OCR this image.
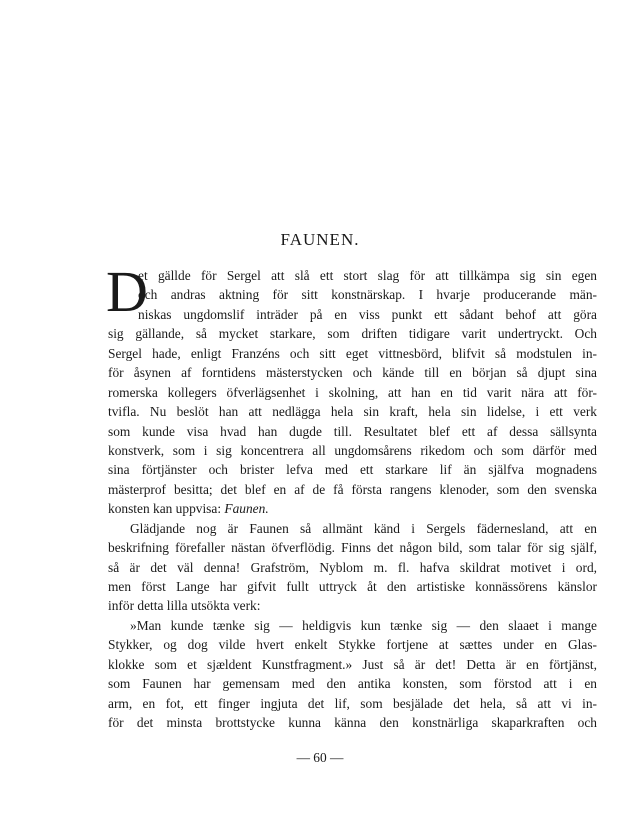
FAUNEN.
D
et gällde för Sergel att slå ett stort slag för att tillkämpa sig sin egen
och andras aktning för sitt konstnärskap. I hvarje producerande män-
niskas ungdomslif inträder på en viss punkt ett sådant behof att göra
sig gällande, så mycket starkare, som driften tidigare varit undertryckt. Och
Sergel hade, enligt Franzéns och sitt eget vittnesbörd, blifvit så modstulen in-
för åsynen af forntidens mästerstycken och kände till en början så djupt sina
romerska kollegers öfverlägsenhet i skolning, att han en tid varit nära att för-
tvifla. Nu beslöt han att nedlägga hela sin kraft, hela sin lidelse, i ett verk
som kunde visa hvad han dugde till. Resultatet blef ett af dessa sällsynta
konstverk, som i sig koncentrera all ungdomsårens rikedom och som därför med
sina förtjänster och brister lefva med ett starkare lif än själfva mognadens
mästerprof besitta; det blef en af de få första rangens klenoder, som den svenska
konsten kan uppvisa: Faunen.
Glädjande nog är Faunen så allmänt känd i Sergels fädernesland, att en
beskrifning förefaller nästan öfverflödig. Finns det någon bild, som talar för sig själf,
så är det väl denna! Grafström, Nyblom m. fl. hafva skildrat motivet i ord,
men först Lange har gifvit fullt uttryck åt den artistiske konnässörens känslor
inför detta lilla utsökta verk:
»Man kunde tænke sig — heldigvis kun tænke sig — den slaaet i mange
Stykker, og dog vilde hvert enkelt Stykke fortjene at sættes under en Glas-
klokke som et sjældent Kunstfragment.» Just så är det! Detta är en förtjänst,
som Faunen har gemensam med den antika konsten, som förstod att i en
arm, en fot, ett finger ingjuta det lif, som besjälade det hela, så att vi in-
för det minsta brottstycke kunna känna den konstnärliga skaparkraften och
— 60 —
